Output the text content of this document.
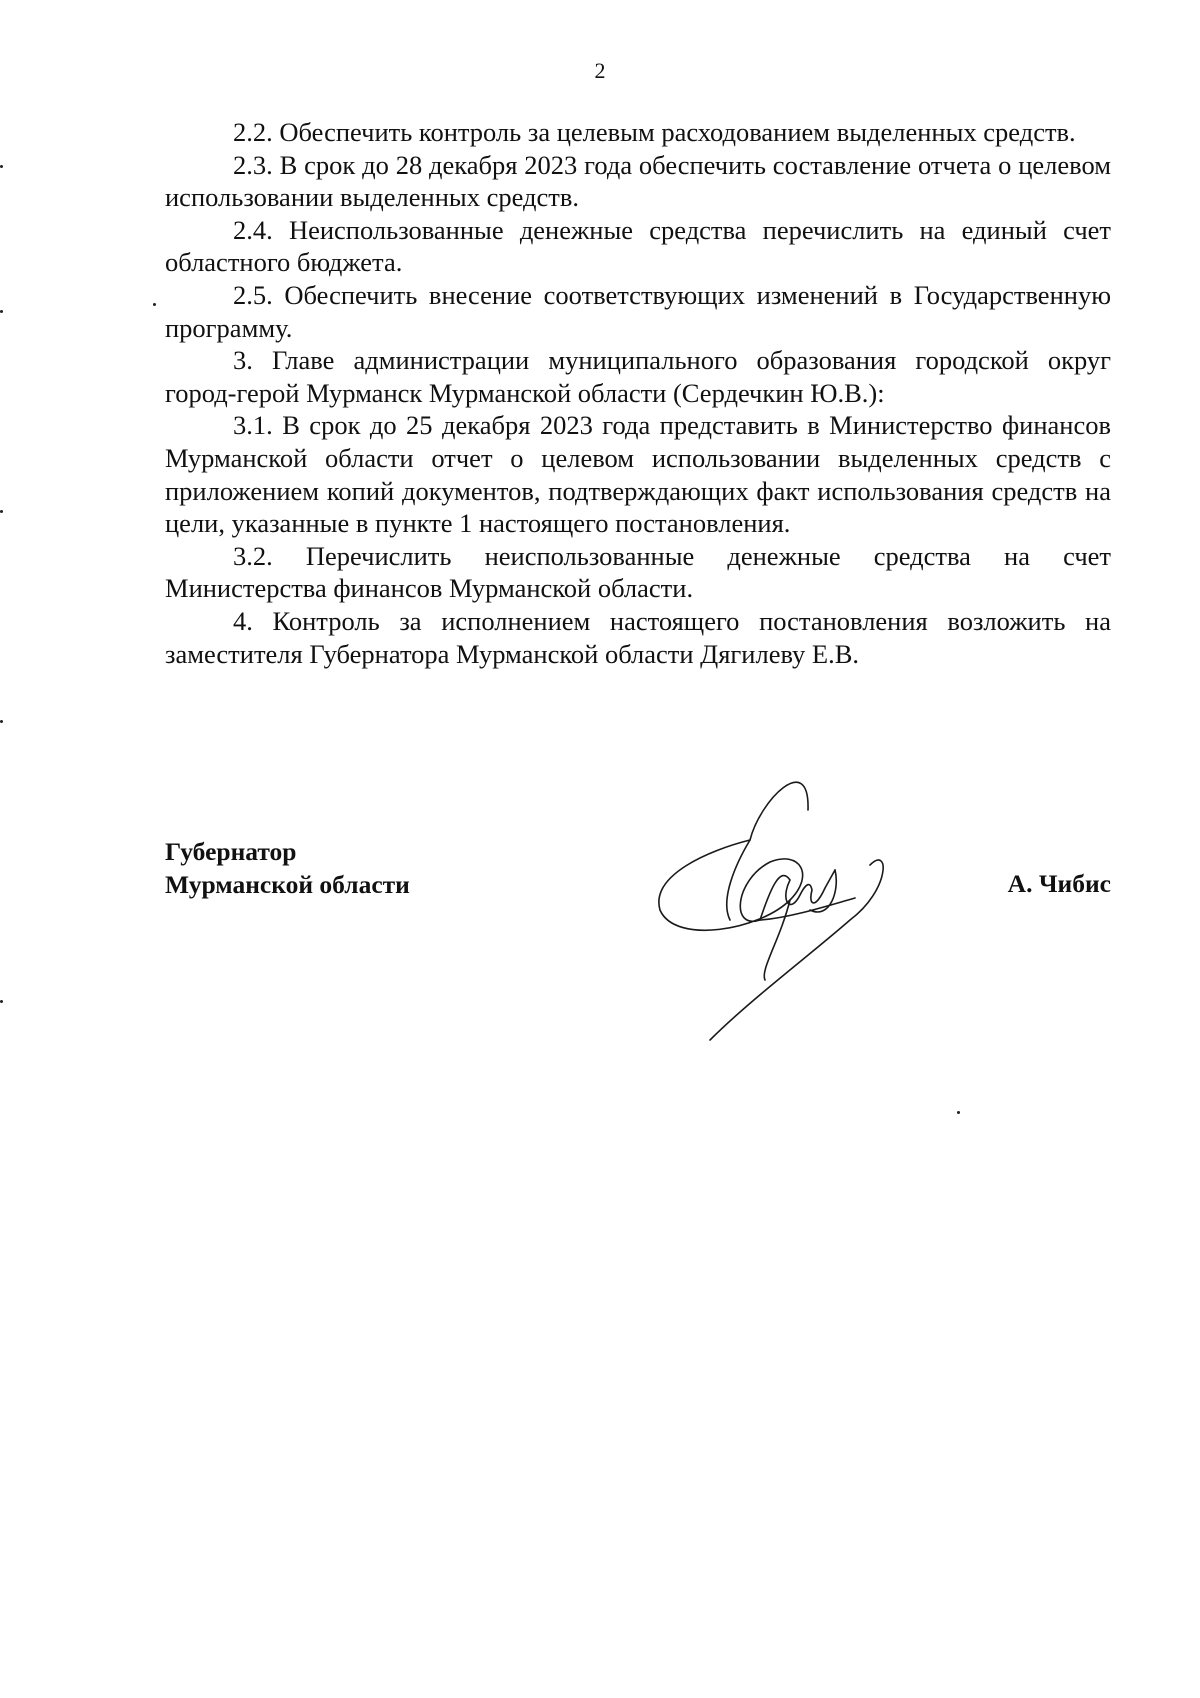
2

2.2. Обеспечить контроль за целевым расходованием выделенных средств.

2.3. В срок до 28 декабря 2023 года обеспечить составление отчета о целевом использовании выделенных средств.

2.4. Неиспользованные денежные средства перечислить на единый счет областного бюджета.

2.5. Обеспечить внесение соответствующих изменений в Государственную программу.

3. Главе администрации муниципального образования городской округ город-герой Мурманск Мурманской области (Сердечкин Ю.В.):

3.1. В срок до 25 декабря 2023 года представить в Министерство финансов Мурманской области отчет о целевом использовании выделенных средств с приложением копий документов, подтверждающих факт использования средств на цели, указанные в пункте 1 настоящего постановления.

3.2. Перечислить неиспользованные денежные средства на счет Министерства финансов Мурманской области.

4. Контроль за исполнением настоящего постановления возложить на заместителя Губернатора Мурманской области Дягилеву Е.В.

Губернатор
Мурманской области	А. Чибис
